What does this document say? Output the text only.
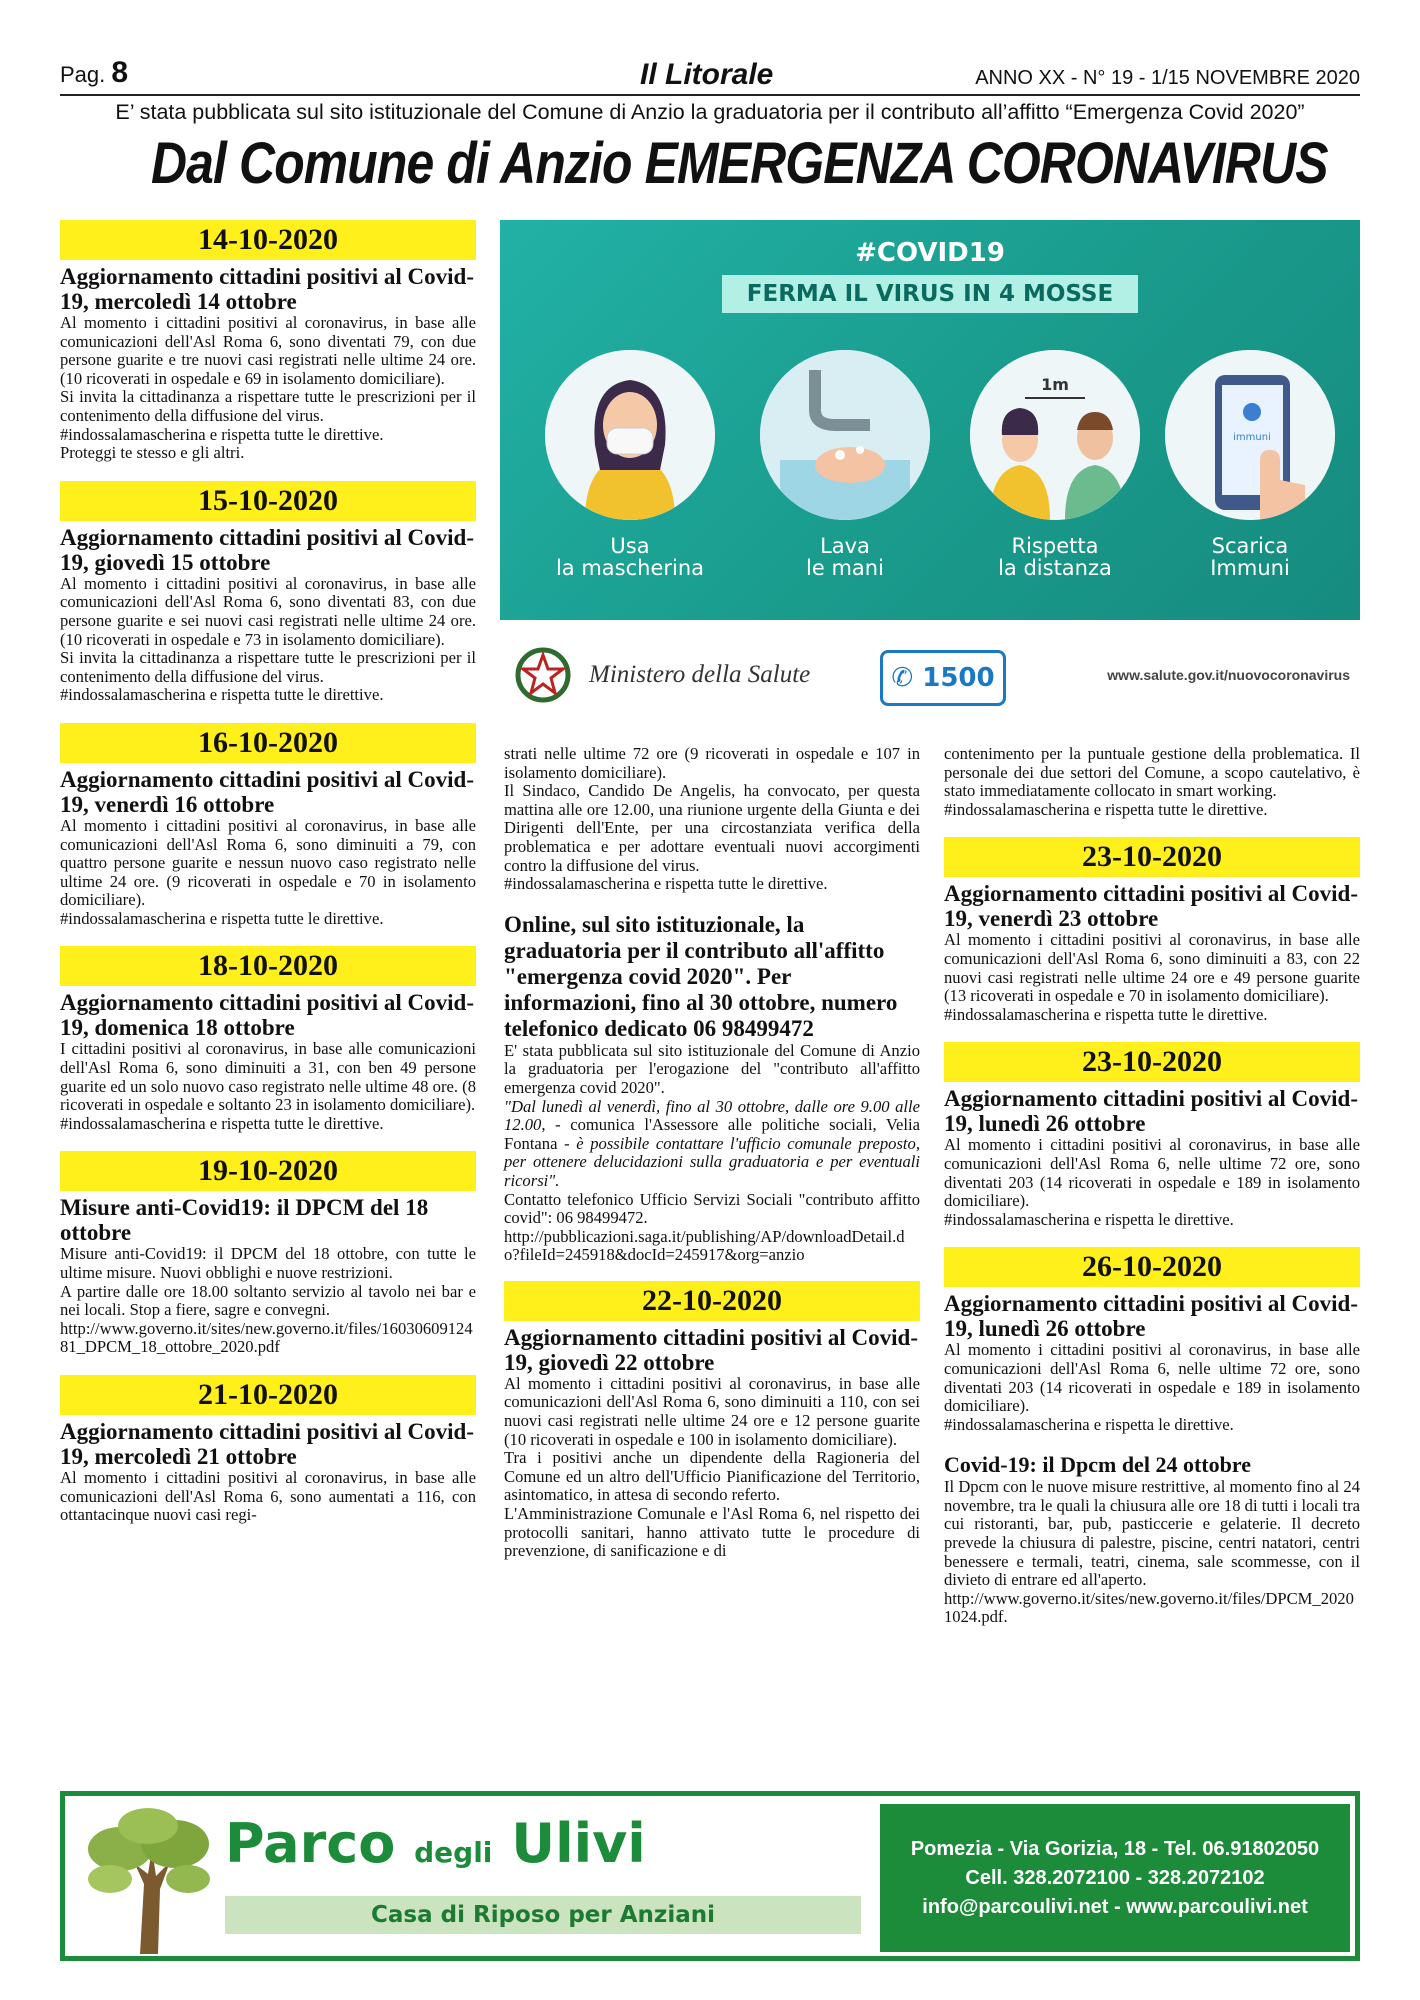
Pag. 8	Il Litorale	ANNO XX - N° 19 - 1/15 NOVEMBRE 2020
E’ stata pubblicata sul sito istituzionale del Comune di Anzio la graduatoria per il contributo all’affitto “Emergenza Covid 2020”
Dal Comune di Anzio EMERGENZA CORONAVIRUS
14-10-2020
Aggiornamento cittadini positivi al Covid-19, mercoledì 14 ottobre

Al momento i cittadini positivi al coronavirus, in base alle comunicazioni dell'Asl Roma 6, sono diventati 79, con due persone guarite e tre nuovi casi registrati nelle ultime 24 ore. (10 ricoverati in ospedale e 69 in isolamento domiciliare).

Si invita la cittadinanza a rispettare tutte le prescrizioni per il contenimento della diffusione del virus.

#indossalamascherina e rispetta tutte le direttive.

Proteggi te stesso e gli altri.

15-10-2020
Aggiornamento cittadini positivi al Covid-19, giovedì 15 ottobre

Al momento i cittadini positivi al coronavirus, in base alle comunicazioni dell'Asl Roma 6, sono diventati 83, con due persone guarite e sei nuovi casi registrati nelle ultime 24 ore. (10 ricoverati in ospedale e 73 in isolamento domiciliare).

Si invita la cittadinanza a rispettare tutte le prescrizioni per il contenimento della diffusione del virus.

#indossalamascherina e rispetta tutte le direttive.

16-10-2020
Aggiornamento cittadini positivi al Covid-19, venerdì 16 ottobre

Al momento i cittadini positivi al coronavirus, in base alle comunicazioni dell'Asl Roma 6, sono diminuiti a 79, con quattro persone guarite e nessun nuovo caso registrato nelle ultime 24 ore. (9 ricoverati in ospedale e 70 in isolamento domiciliare).

#indossalamascherina e rispetta tutte le direttive.

18-10-2020
Aggiornamento cittadini positivi al Covid-19, domenica 18 ottobre

I cittadini positivi al coronavirus, in base alle comunicazioni dell'Asl Roma 6, sono diminuiti a 31, con ben 49 persone guarite ed un solo nuovo caso registrato nelle ultime 48 ore. (8 ricoverati in ospedale e soltanto 23 in isolamento domiciliare).

#indossalamascherina e rispetta tutte le direttive.

19-10-2020
Misure anti-Covid19: il DPCM del 18 ottobre

Misure anti-Covid19: il DPCM del 18 ottobre, con tutte le ultime misure. Nuovi obblighi e nuove restrizioni.

A partire dalle ore 18.00 soltanto servizio al tavolo nei bar e nei locali. Stop a fiere, sagre e convegni.

http://www.governo.it/sites/new.governo.it/files/1603060912481_DPCM_18_ottobre_2020.pdf

21-10-2020
Aggiornamento cittadini positivi al Covid-19, mercoledì 21 ottobre

Al momento i cittadini positivi al coronavirus, in base alle comunicazioni dell'Asl Roma 6, sono aumentati a 116, con ottantacinque nuovi casi regi-

#COVID19
FERMA IL VIRUS IN 4 MOSSE
1m
immuni
Usa
la mascherina
Lava
le mani
Rispetta
la distanza
Scarica
Immuni
Ministero della Salute	✆ 1500	www.salute.gov.it/nuovocoronavirus

strati nelle ultime 72 ore (9 ricoverati in ospedale e 107 in isolamento domiciliare).

Il Sindaco, Candido De Angelis, ha convocato, per questa mattina alle ore 12.00, una riunione urgente della Giunta e dei Dirigenti dell'Ente, per una circostanziata verifica della problematica e per adottare eventuali nuovi accorgimenti contro la diffusione del virus.

#indossalamascherina e rispetta tutte le direttive.

Online, sul sito istituzionale, la graduatoria per il contributo all'affitto "emergenza covid 2020". Per informazioni, fino al 30 ottobre, numero telefonico dedicato 06 98499472

E' stata pubblicata sul sito istituzionale del Comune di Anzio la graduatoria per l'erogazione del "contributo all'affitto emergenza covid 2020".

"Dal lunedì al venerdì, fino al 30 ottobre, dalle ore 9.00 alle 12.00, - comunica l'Assessore alle politiche sociali, Velia Fontana - è possibile contattare l'ufficio comunale preposto, per ottenere delucidazioni sulla graduatoria e per eventuali ricorsi".

Contatto telefonico Ufficio Servizi Sociali "contributo affitto covid": 06 98499472.

http://pubblicazioni.saga.it/publishing/AP/downloadDetail.do?fileId=245918&docId=245917&org=anzio

22-10-2020
Aggiornamento cittadini positivi al Covid-19, giovedì 22 ottobre

Al momento i cittadini positivi al coronavirus, in base alle comunicazioni dell'Asl Roma 6, sono diminuiti a 110, con sei nuovi casi registrati nelle ultime 24 ore e 12 persone guarite (10 ricoverati in ospedale e 100 in isolamento domiciliare).

Tra i positivi anche un dipendente della Ragioneria del Comune ed un altro dell'Ufficio Pianificazione del Territorio, asintomatico, in attesa di secondo referto.

L'Amministrazione Comunale e l'Asl Roma 6, nel rispetto dei protocolli sanitari, hanno attivato tutte le procedure di prevenzione, di sanificazione e di

contenimento per la puntuale gestione della problematica. Il personale dei due settori del Comune, a scopo cautelativo, è stato immediatamente collocato in smart working.

#indossalamascherina e rispetta tutte le direttive.

23-10-2020
Aggiornamento cittadini positivi al Covid-19, venerdì 23 ottobre

Al momento i cittadini positivi al coronavirus, in base alle comunicazioni dell'Asl Roma 6, sono diminuiti a 83, con 22 nuovi casi registrati nelle ultime 24 ore e 49 persone guarite (13 ricoverati in ospedale e 70 in isolamento domiciliare).

#indossalamascherina e rispetta tutte le direttive.

23-10-2020
Aggiornamento cittadini positivi al Covid-19, lunedì 26 ottobre

Al momento i cittadini positivi al coronavirus, in base alle comunicazioni dell'Asl Roma 6, nelle ultime 72 ore, sono diventati 203 (14 ricoverati in ospedale e 189 in isolamento domiciliare).

#indossalamascherina e rispetta le direttive.

26-10-2020
Aggiornamento cittadini positivi al Covid-19, lunedì 26 ottobre

Al momento i cittadini positivi al coronavirus, in base alle comunicazioni dell'Asl Roma 6, nelle ultime 72 ore, sono diventati 203 (14 ricoverati in ospedale e 189 in isolamento domiciliare).

#indossalamascherina e rispetta le direttive.

Covid-19: il Dpcm del 24 ottobre

Il Dpcm con le nuove misure restrittive, al momento fino al 24 novembre, tra le quali la chiusura alle ore 18 di tutti i locali tra cui ristoranti, bar, pub, pasticcerie e gelaterie. Il decreto prevede la chiusura di palestre, piscine, centri natatori, centri benessere e termali, teatri, cinema, sale scommesse, con il divieto di entrare ed all'aperto.

http://www.governo.it/sites/new.governo.it/files/DPCM_20201024.pdf.

Parco degli Ulivi
Casa di Riposo per Anziani
Pomezia - Via Gorizia, 18 - Tel. 06.91802050
Cell. 328.2072100 - 328.2072102
info@parcoulivi.net - www.parcoulivi.net
